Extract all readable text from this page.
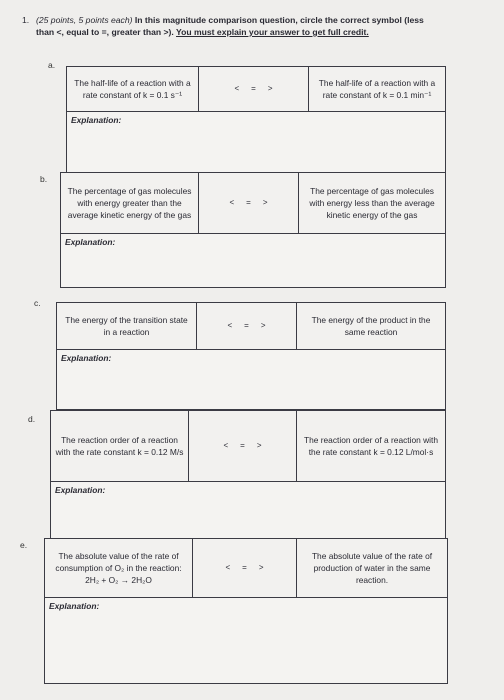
1. (25 points, 5 points each) In this magnitude comparison question, circle the correct symbol (less
than <, equal to =, greater than >). You must explain your answer to get full credit.
a.
The half-life of a reaction with a rate constant of k = 0.1 s⁻¹
< = >
The half-life of a reaction with a rate constant of k = 0.1 min⁻¹
Explanation:
b.
The percentage of gas molecules with energy greater than the average kinetic energy of the gas
< = >
The percentage of gas molecules with energy less than the average kinetic energy of the gas
Explanation:
c.
The energy of the transition state in a reaction
< = >
The energy of the product in the same reaction
Explanation:
d.
The reaction order of a reaction with the rate constant k = 0.12 M/s
< = >
The reaction order of a reaction with the rate constant k = 0.12 L/mol·s
Explanation:
e.
The absolute value of the rate of consumption of O₂ in the reaction: 2H₂ + O₂ → 2H₂O
< = >
The absolute value of the rate of production of water in the same reaction.
Explanation:
